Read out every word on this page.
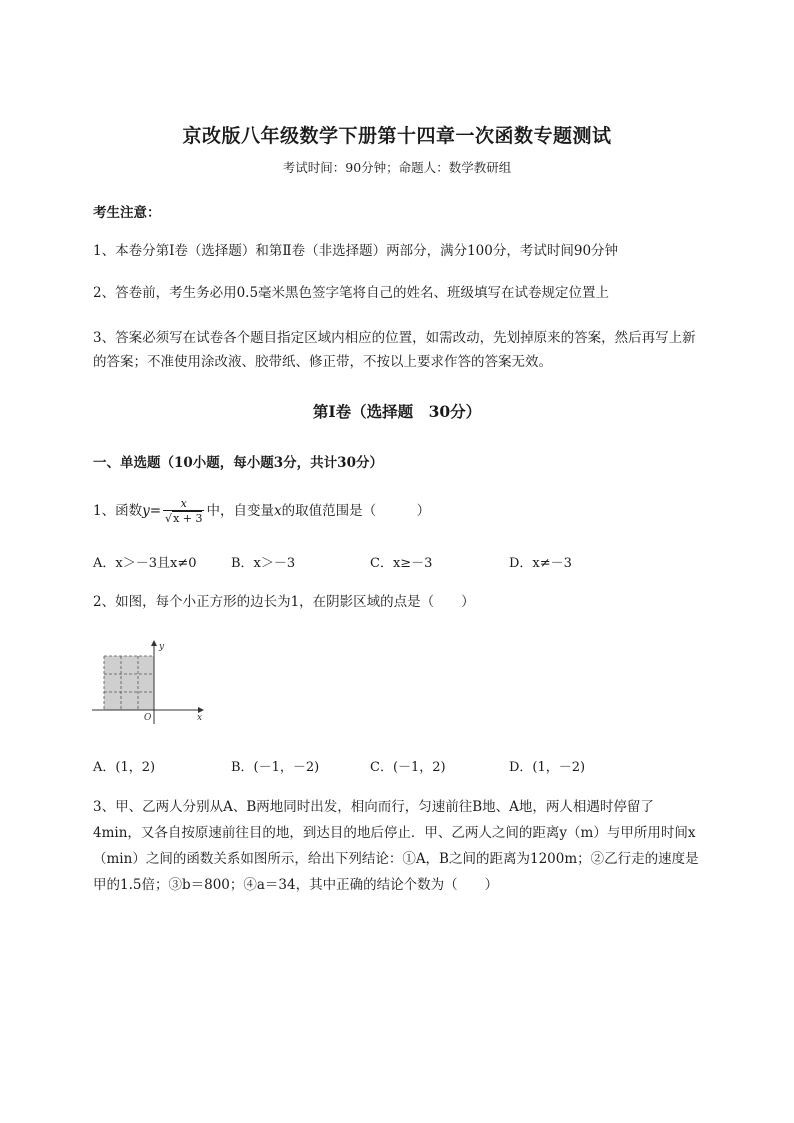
京改版八年级数学下册第十四章一次函数专题测试
考试时间：90分钟；命题人：数学教研组
考生注意：
1、本卷分第I卷（选择题）和第Ⅱ卷（非选择题）两部分，满分100分，考试时间90分钟
2、答卷前，考生务必用0.5毫米黑色签字笔将自己的姓名、班级填写在试卷规定位置上
3、答案必须写在试卷各个题目指定区域内相应的位置，如需改动，先划掉原来的答案，然后再写上新的答案；不准使用涂改液、胶带纸、修正带，不按以上要求作答的答案无效。
第I卷（选择题　30分）
一、单选题（10小题，每小题3分，共计30分）
1、函数$y= \frac{x}{√x + 3}$ 中，自变量x的取值范围是（　　　）
A．x＞－3且x≠0	B．x＞－3	C．x≥－3	D．x≠－3
2、如图，每个小正方形的边长为1，在阴影区域的点是（　　）
y
x
O
A．(1，2)	B．(－1，－2)	C．(－1，2)	D．(1，－2)
3、甲、乙两人分别从A、B两地同时出发，相向而行，匀速前往B地、A地，两人相遇时停留了
4min，又各自按原速前往目的地，到达目的地后停止．甲、乙两人之间的距离y（m）与甲所用时间x
（min）之间的函数关系如图所示，给出下列结论：①A，B之间的距离为1200m；②乙行走的速度是
甲的1.5倍；③b＝800；④a＝34，其中正确的结论个数为（　　）
